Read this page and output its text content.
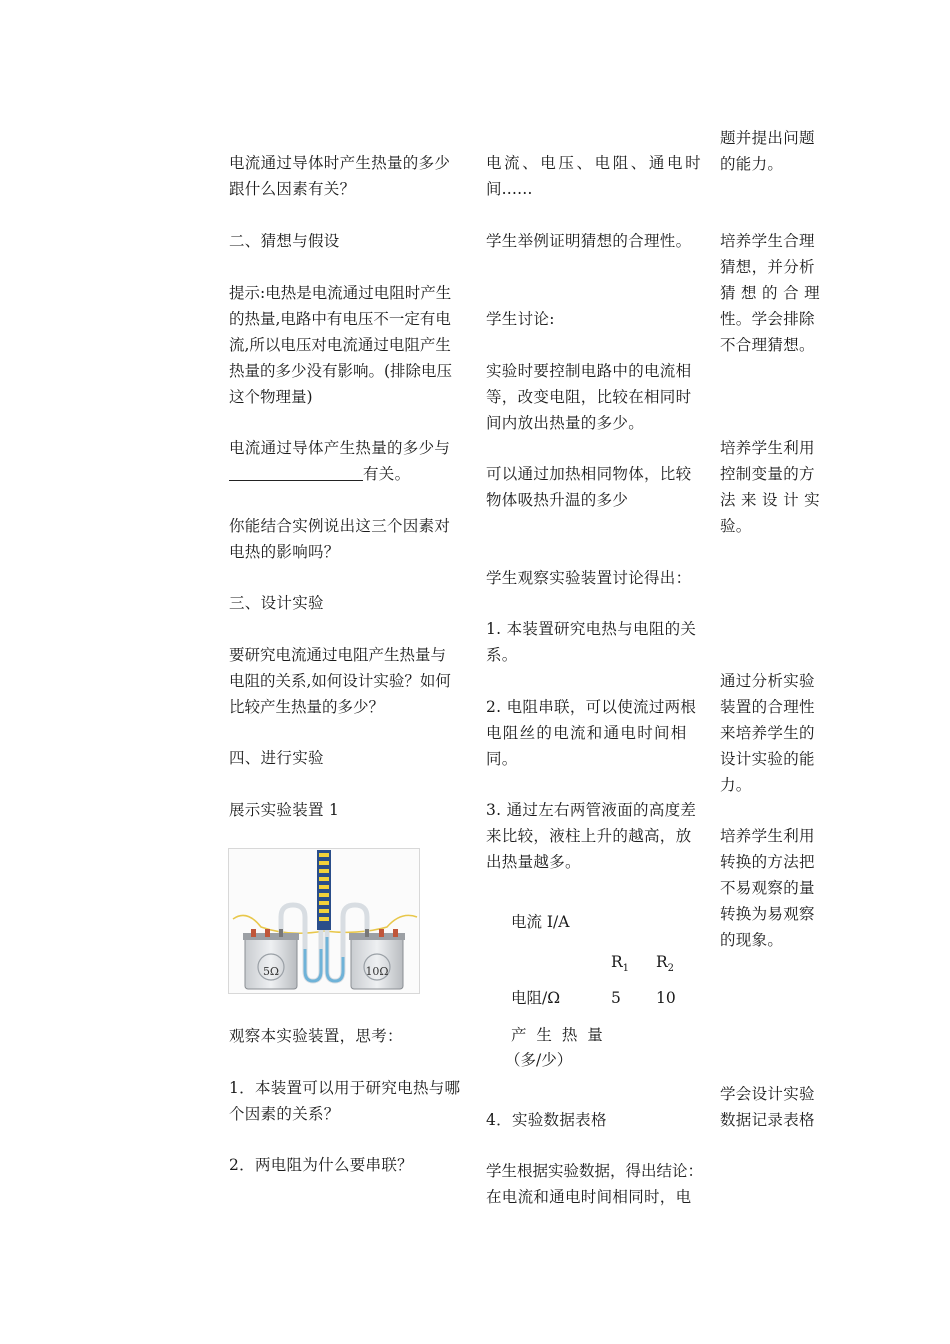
电流通过导体时产生热量的多少

跟什么因素有关？

二、猜想与假设

提示:电热是电流通过电阻时产生

的热量,电路中有电压不一定有电

流,所以电压对电流通过电阻产生

热量的多少没有影响。(排除电压

这个物理量)

电流通过导体产生热量的多少与

有关。

你能结合实例说出这三个因素对

电热的影响吗？

三、设计实验

要研究电流通过电阻产生热量与

电阻的关系,如何设计实验？如何

比较产生热量的多少？

四、进行实验

展示实验装置 1

5Ω	10Ω

观察本实验装置，思考：

1．本装置可以用于研究电热与哪

个因素的关系？

2．两电阻为什么要串联？

电流、电压、电阻、通电时

间……

学生举例证明猜想的合理性。

学生讨论:

实验时要控制电路中的电流相

等，改变电阻，比较在相同时

间内放出热量的多少。

可以通过加热相同物体，比较

物体吸热升温的多少

学生观察实验装置讨论得出：

1. 本装置研究电热与电阻的关

系。

2. 电阻串联，可以使流过两根

电阻丝的电流和通电时间相

同。

3. 通过左右两管液面的高度差

来比较，液柱上升的越高，放

出热量越多。

电流 I/A

$R_1$ $R_2$

电阻/Ω	5 10

产 生 热 量

（多/少）

4．实验数据表格

学生根据实验数据，得出结论：

在电流和通电时间相同时，电

题并提出问题

的能力。

培养学生合理

猜想，并分析

猜 想 的 合 理

性。学会排除

不合理猜想。

培养学生利用

控制变量的方

法 来 设 计 实

验。

通过分析实验

装置的合理性

来培养学生的

设计实验的能

力。

培养学生利用

转换的方法把

不易观察的量

转换为易观察

的现象。

学会设计实验

数据记录表格
